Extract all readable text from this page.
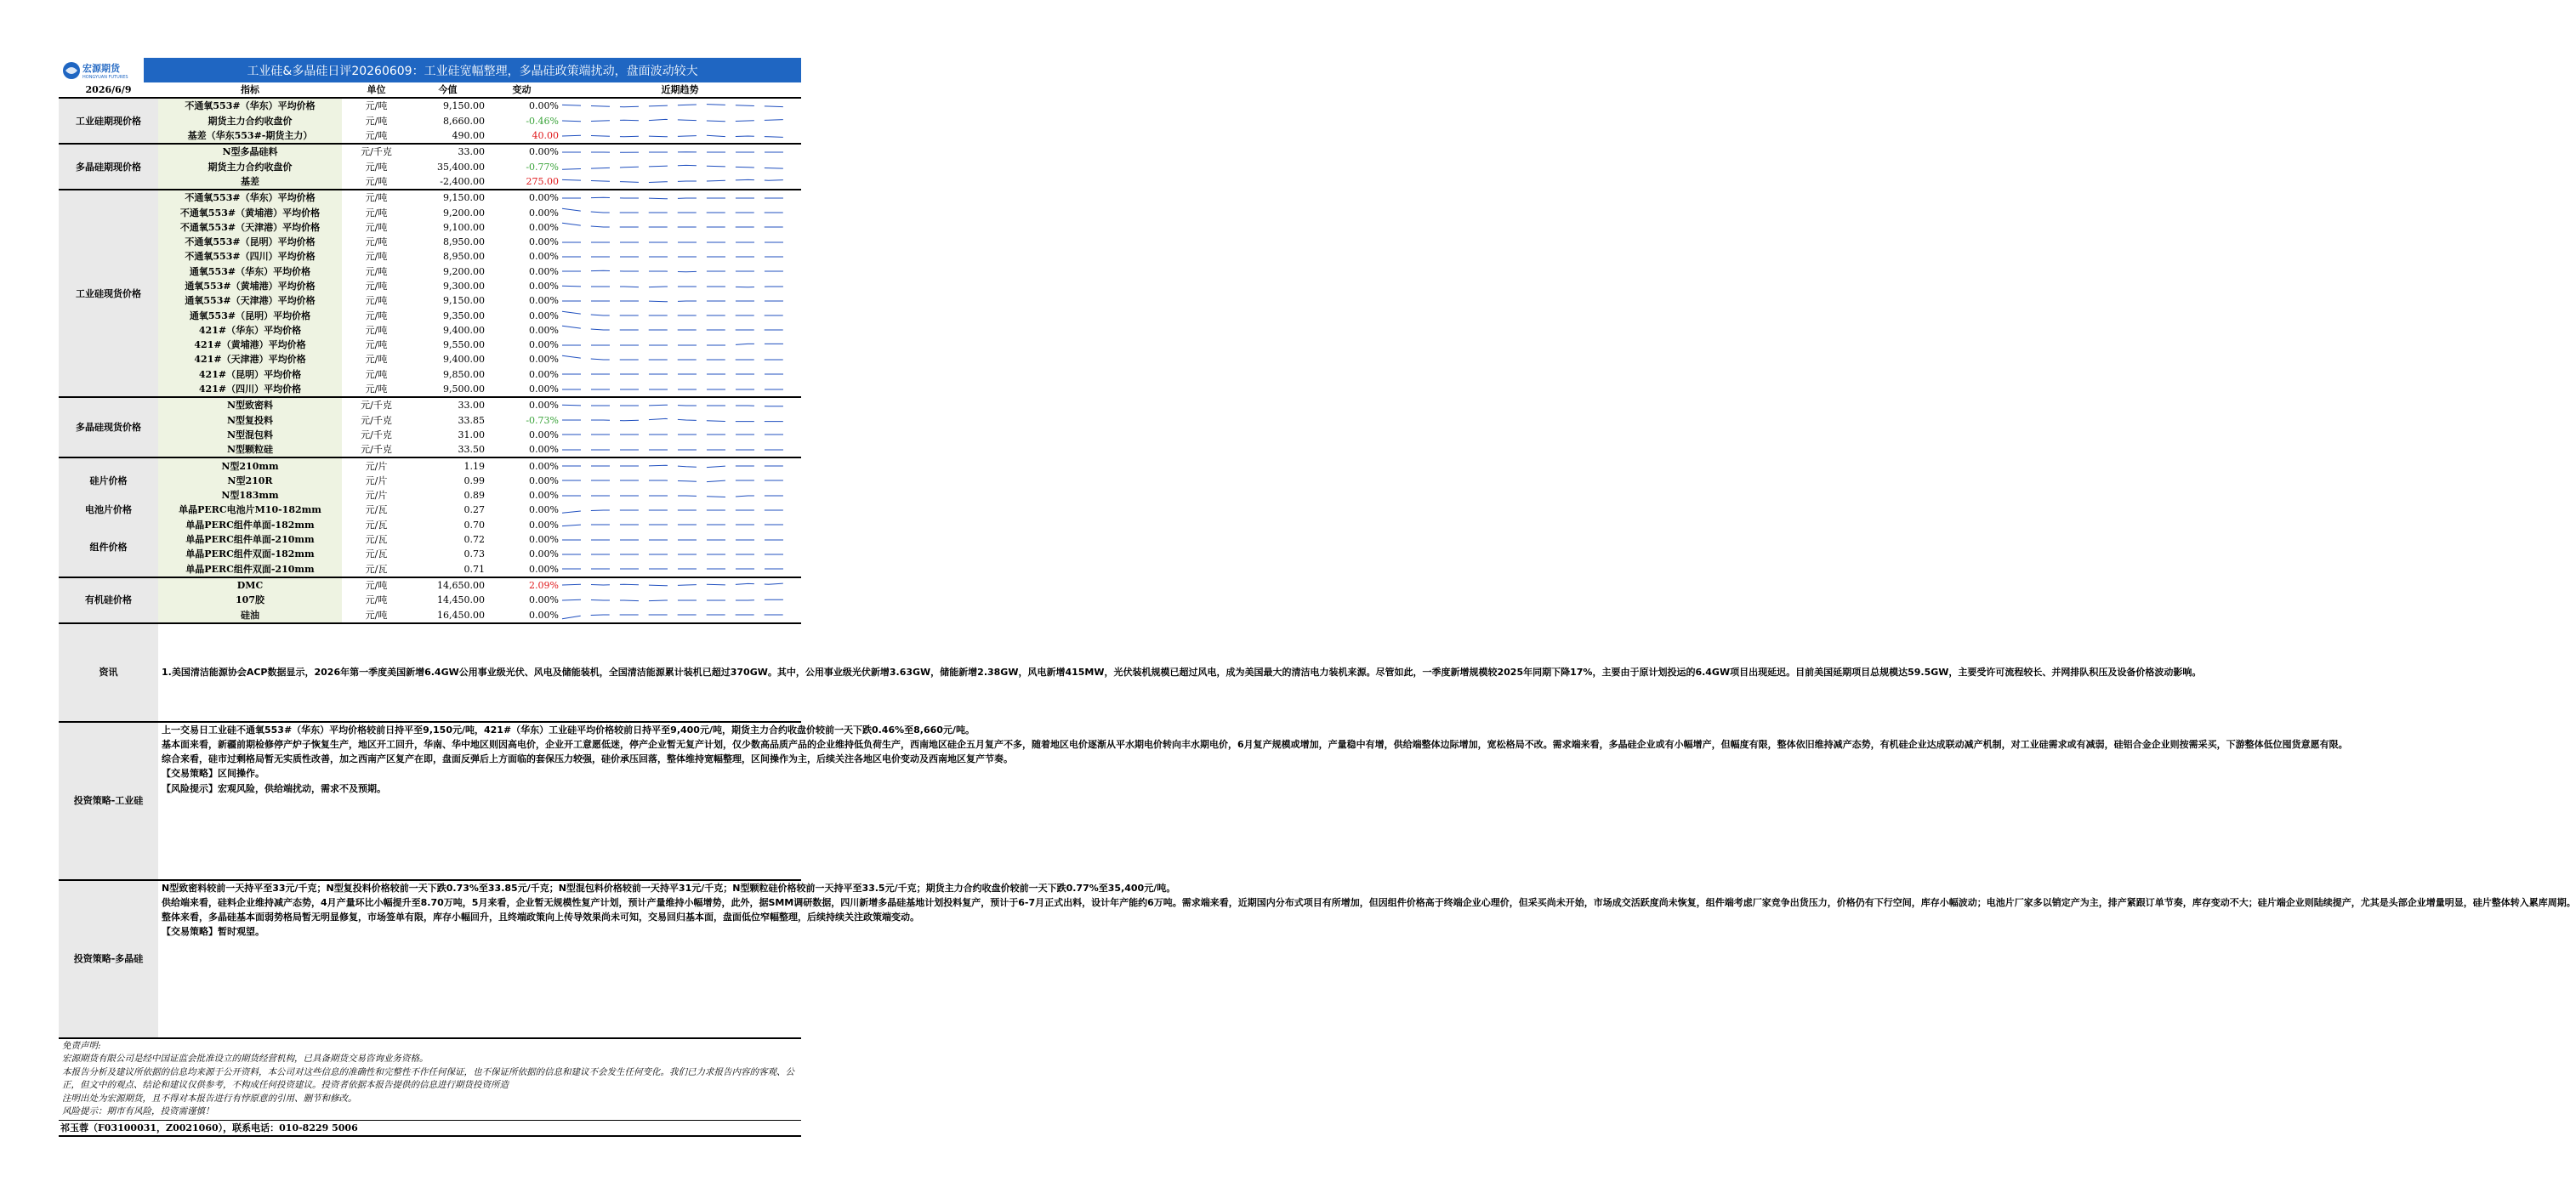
宏源期货
HONGYUAN FUTURES	工业硅&多晶硅日评20260609：工业硅宽幅整理，多晶硅政策端扰动，盘面波动较大
2026/6/9	指标	单位	今值	变动	近期趋势
工业硅期现价格	不通氧553#（华东）平均价格	元/吨	9,150.00	0.00%	

	期货主力合约收盘价	元/吨	8,660.00	-0.46%	

	基差（华东553#-期货主力）	元/吨	490.00	40.00	

多晶硅期现价格	N型多晶硅料	元/千克	33.00	0.00%	

	期货主力合约收盘价	元/吨	35,400.00	-0.77%	

	基差	元/吨	-2,400.00	275.00	

工业硅现货价格	不通氧553#（华东）平均价格	元/吨	9,150.00	0.00%	

	不通氧553#（黄埔港）平均价格	元/吨	9,200.00	0.00%	

	不通氧553#（天津港）平均价格	元/吨	9,100.00	0.00%	

	不通氧553#（昆明）平均价格	元/吨	8,950.00	0.00%	

	不通氧553#（四川）平均价格	元/吨	8,950.00	0.00%	

	通氧553#（华东）平均价格	元/吨	9,200.00	0.00%	

	通氧553#（黄埔港）平均价格	元/吨	9,300.00	0.00%	

	通氧553#（天津港）平均价格	元/吨	9,150.00	0.00%	

	通氧553#（昆明）平均价格	元/吨	9,350.00	0.00%	

	421#（华东）平均价格	元/吨	9,400.00	0.00%	

	421#（黄埔港）平均价格	元/吨	9,550.00	0.00%	

	421#（天津港）平均价格	元/吨	9,400.00	0.00%	

	421#（昆明）平均价格	元/吨	9,850.00	0.00%	

	421#（四川）平均价格	元/吨	9,500.00	0.00%	

多晶硅现货价格	N型致密料	元/千克	33.00	0.00%	

	N型复投料	元/千克	33.85	-0.73%	

	N型混包料	元/千克	31.00	0.00%	

	N型颗粒硅	元/千克	33.50	0.00%	

硅片价格	N型210mm	元/片	1.19	0.00%	

	N型210R	元/片	0.99	0.00%	

	N型183mm	元/片	0.89	0.00%	

电池片价格	单晶PERC电池片M10-182mm	元/瓦	0.27	0.00%	

组件价格	单晶PERC组件单面-182mm	元/瓦	0.70	0.00%	

	单晶PERC组件单面-210mm	元/瓦	0.72	0.00%	

	单晶PERC组件双面-182mm	元/瓦	0.73	0.00%	

	单晶PERC组件双面-210mm	元/瓦	0.71	0.00%	

有机硅价格	DMC	元/吨	14,650.00	2.09%	

	107胶	元/吨	14,450.00	0.00%	

	硅油	元/吨	16,450.00	0.00%	

资讯	1.美国清洁能源协会ACP数据显示，2026年第一季度美国新增6.4GW公用事业级光伏、风电及储能装机，全国清洁能源累计装机已超过370GW。其中，公用事业级光伏新增3.63GW，储能新增2.38GW，风电新增415MW，光伏装机规模已超过风电，成为美国最大的清洁电力装机来源。尽管如此，一季度新增规模较2025年同期下降17%，主要由于原计划投运的6.4GW项目出现延迟。目前美国延期项目总规模达59.5GW，主要受许可流程较长、并网排队积压及设备价格波动影响。				

投资策略-工业硅	上一交易日工业硅不通氧553#（华东）平均价格较前日持平至9,150元/吨，421#（华东）工业硅平均价格较前日持平至9,400元/吨，期货主力合约收盘价较前一天下跌0.46%至8,660元/吨。

基本面来看，新疆前期检修停产炉子恢复生产，地区开工回升，华南、华中地区则因高电价，企业开工意愿低迷，停产企业暂无复产计划，仅少数高品质产品的企业维持低负荷生产，西南地区硅企五月复产不多，随着地区电价逐渐从平水期电价转向丰水期电价，6月复产规模或增加，产量稳中有增，供给端整体边际增加，宽松格局不改。需求端来看，多晶硅企业或有小幅增产，但幅度有限，整体依旧维持减产态势，有机硅企业达成联动减产机制，对工业硅需求或有减弱，硅铝合金企业则按需采买，下游整体低位囤货意愿有限。

综合来看，硅市过剩格局暂无实质性改善，加之西南产区复产在即，盘面反弹后上方面临的套保压力较强，硅价承压回落，整体维持宽幅整理，区间操作为主，后续关注各地区电价变动及西南地区复产节奏。

【交易策略】区间操作。

【风险提示】宏观风险，供给端扰动，需求不及预期。				

投资策略-多晶硅	N型致密料较前一天持平至33元/千克；N型复投料价格较前一天下跌0.73%至33.85元/千克；N型混包料价格较前一天持平31元/千克；N型颗粒硅价格较前一天持平至33.5元/千克；期货主力合约收盘价较前一天下跌0.77%至35,400元/吨。

供给端来看，硅料企业维持减产态势，4月产量环比小幅提升至8.70万吨，5月来看，企业暂无规模性复产计划，预计产量维持小幅增势，此外，据SMM调研数据，四川新增多晶硅基地计划投料复产，预计于6-7月正式出料，设计年产能约6万吨。需求端来看，近期国内分布式项目有所增加，但因组件价格高于终端企业心理价，但采买尚未开始，市场成交活跃度尚未恢复，组件端考虑厂家竞争出货压力，价格仍有下行空间，库存小幅波动；电池片厂家多以销定产为主，排产紧跟订单节奏，库存变动不大；硅片端企业则陆续提产，尤其是头部企业增量明显，硅片整体转入累库周期。

整体来看，多晶硅基本面弱势格局暂无明显修复，市场签单有限，库存小幅回升，且终端政策向上传导效果尚未可知，交易回归基本面，盘面低位窄幅整理，后续持续关注政策端变动。

【交易策略】暂时观望。				

免责声明:

宏源期货有限公司是经中国证监会批准设立的期货经营机构，已具备期货交易咨询业务资格。

本报告分析及建议所依据的信息均来源于公开资料，本公司对这些信息的准确性和完整性不作任何保证，也不保证所依据的信息和建议不会发生任何变化。我们已力求报告内容的客观、公正，但文中的观点、结论和建议仅供参考，不构成任何投资建议。投资者依据本报告提供的信息进行期货投资所造

注明出处为宏源期货，且不得对本报告进行有悖原意的引用、删节和修改。

风险提示：期市有风险，投资需谨慎！

祁玉蓉（F03100031，Z0021060），联系电话：010-8229 5006
